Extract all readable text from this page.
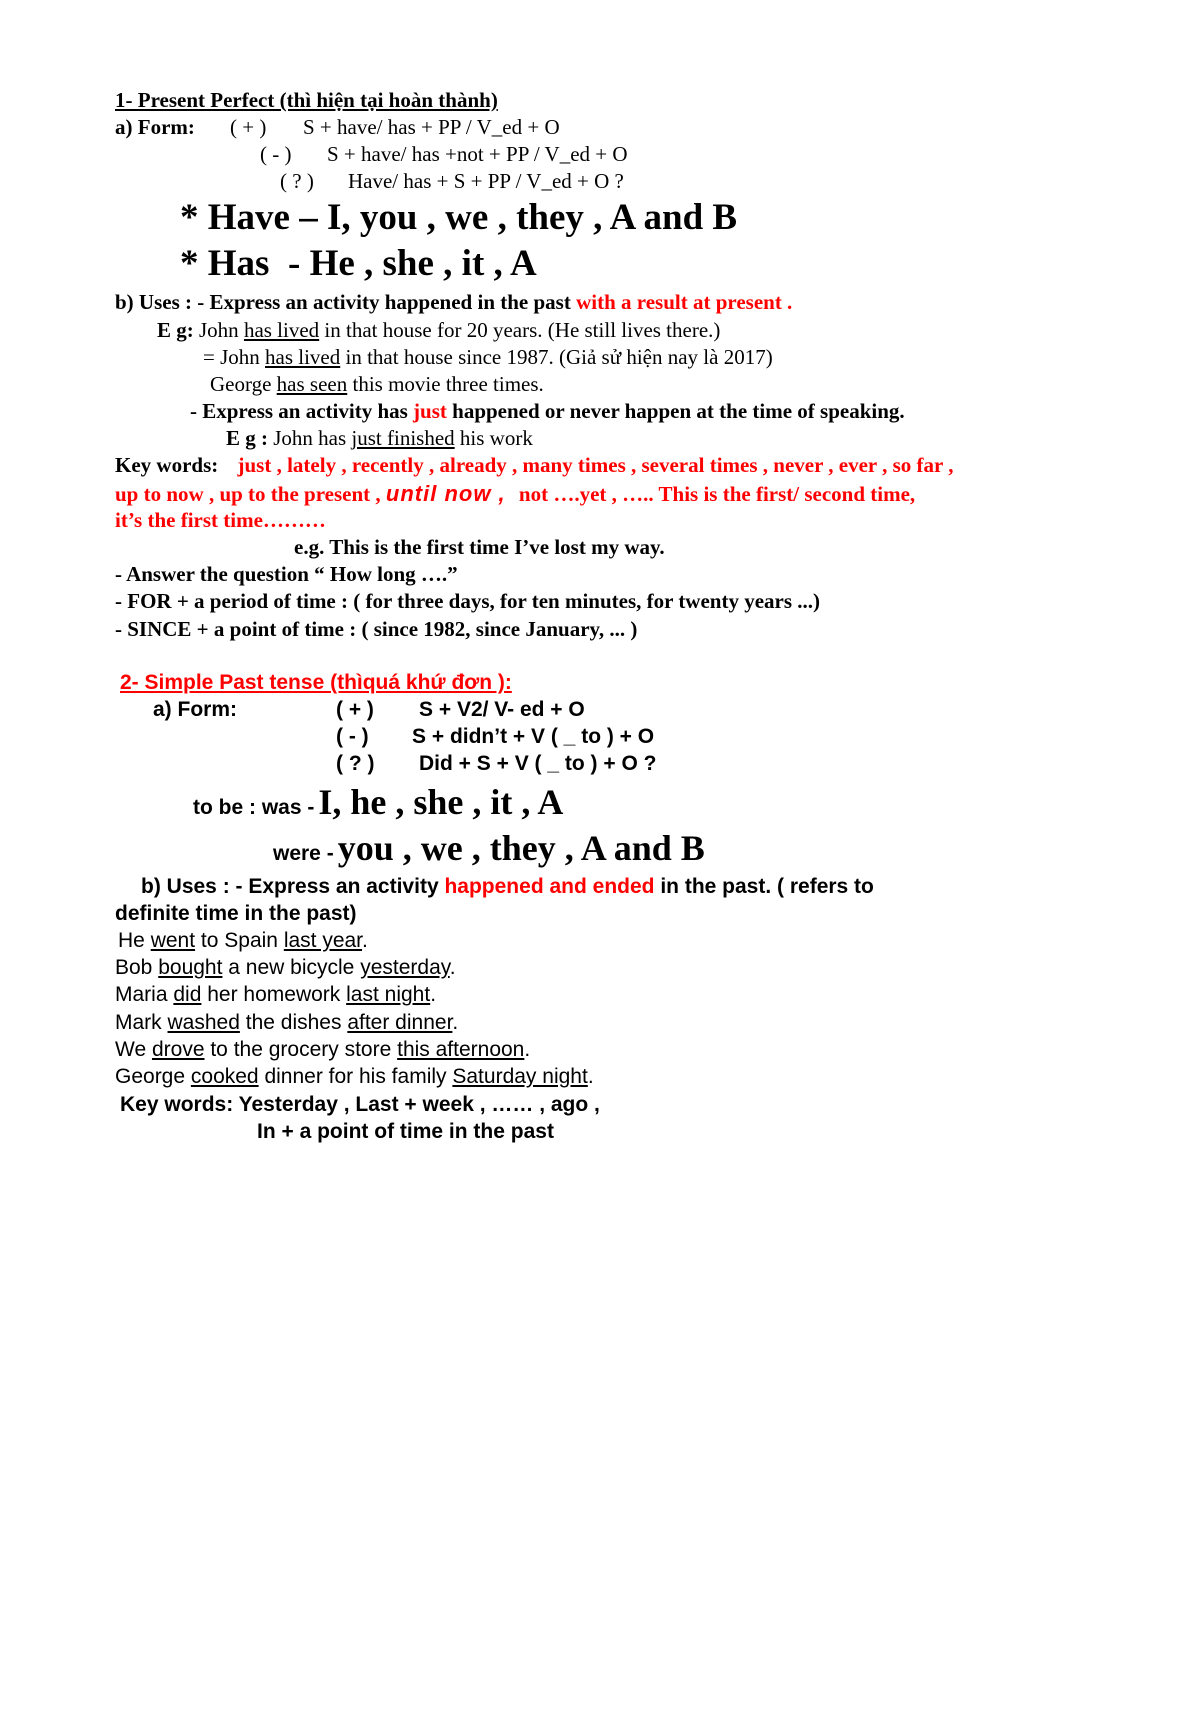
1- Present Perfect (thì hiện tại hoàn thành)
a) Form: ( + ) S + have/ has + PP / V_ed + O
( - ) S + have/ has +not + PP / V_ed + O
( ? ) Have/ has + S + PP / V_ed + O ?
* Have – I, you , we , they , A and B
* Has - He , she , it , A
b) Uses : - Express an activity happened in the past with a result at present .
E g: John has lived in that house for 20 years. (He still lives there.)
= John has lived in that house since 1987. (Giả sử hiện nay là 2017)
George has seen this movie three times.
- Express an activity has just happened or never happen at the time of speaking.
E g : John has just finished his work
Key words: just , lately , recently , already , many times , several times , never , ever , so far ,
up to now , up to the present , until now , not ….yet , ….. This is the first/ second time,
it’s the first time………
e.g. This is the first time I’ve lost my way.
- Answer the question “ How long ….”
- FOR + a period of time : ( for three days, for ten minutes, for twenty years ...)
- SINCE + a point of time : ( since 1982, since January, ... )
2- Simple Past tense (thìquá khứ đơn ):
a) Form:	( + ) S + V2/ V- ed + O
( - ) S + didn’t + V ( _ to ) + O
( ? ) Did + S + V ( _ to ) + O ?
to be : was - I, he , she , it , A
were - you , we , they , A and B
b) Uses : - Express an activity happened and ended in the past. ( refers to
definite time in the past)
He went to Spain last year.
Bob bought a new bicycle yesterday.
Maria did her homework last night.
Mark washed the dishes after dinner.
We drove to the grocery store this afternoon.
George cooked dinner for his family Saturday night.
Key words: Yesterday , Last + week , …… , ago ,
In + a point of time in the past
